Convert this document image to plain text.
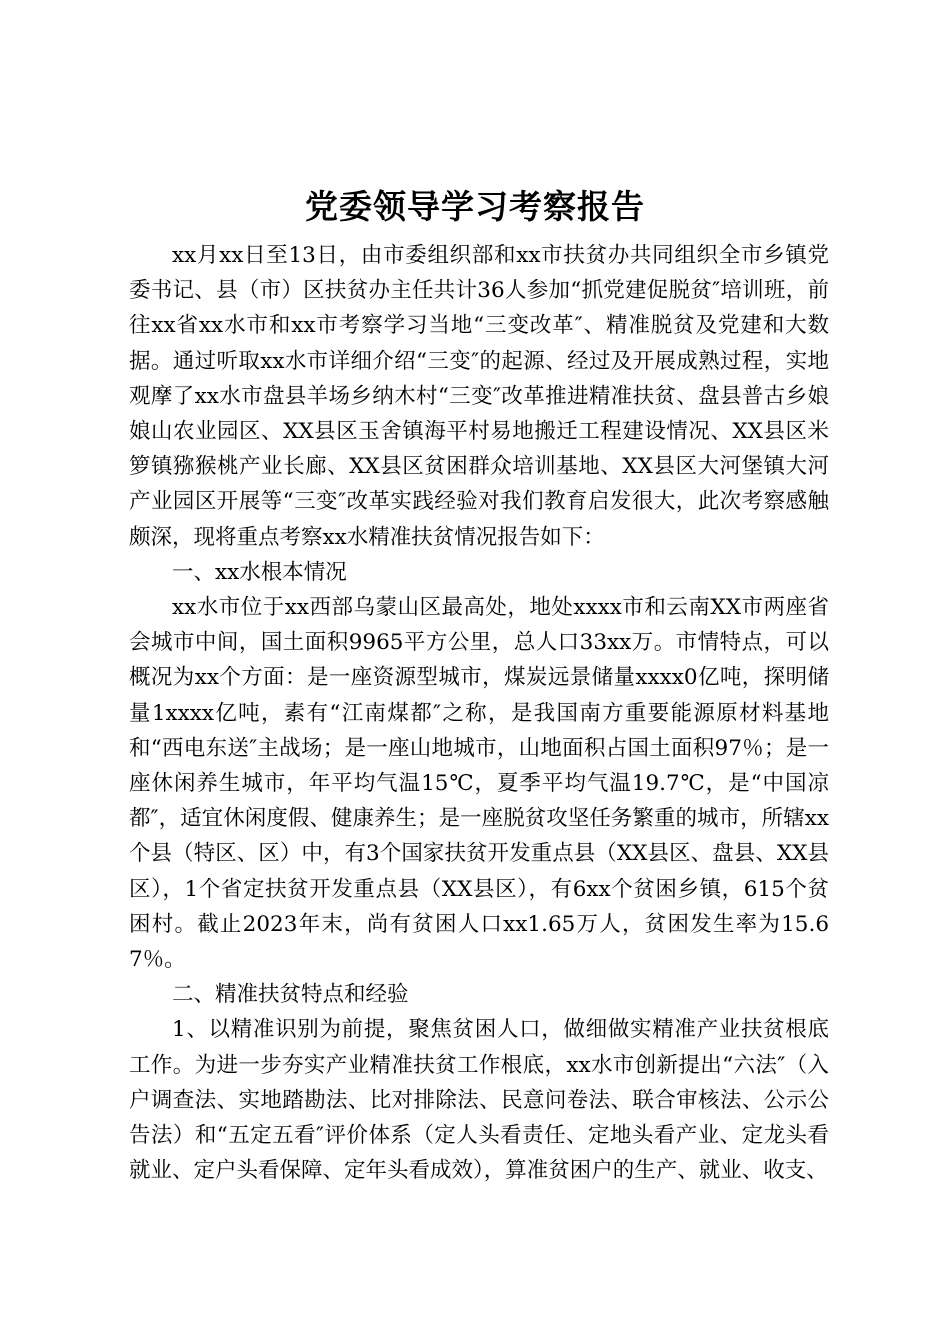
党委领导学习考察报告

xx月xx日至13日，由市委组织部和xx市扶贫办共同组织全市乡镇党委书记、县（市）区扶贫办主任共计36人参加“抓党建促脱贫″培训班，前往xx省xx水市和xx市考察学习当地“三变改革″、精准脱贫及党建和大数据。通过听取xx水市详细介绍“三变″的起源、经过及开展成熟过程，实地观摩了xx水市盘县羊场乡纳木村“三变″改革推进精准扶贫、盘县普古乡娘娘山农业园区、XX县区玉舍镇海平村易地搬迁工程建设情况、XX县区米箩镇猕猴桃产业长廊、XX县区贫困群众培训基地、XX县区大河堡镇大河产业园区开展等“三变″改革实践经验对我们教育启发很大，此次考察感触颇深，现将重点考察xx水精准扶贫情况报告如下：

一、xx水根本情况

xx水市位于xx西部乌蒙山区最高处，地处xxxx市和云南XX市两座省会城市中间，国土面积9965平方公里，总人口33xx万。市情特点，可以概况为xx个方面：是一座资源型城市，煤炭远景储量xxxx0亿吨，探明储量1xxxx亿吨，素有“江南煤都″之称，是我国南方重要能源原材料基地和“西电东送″主战场；是一座山地城市，山地面积占国土面积97％；是一座休闲养生城市，年平均气温15℃，夏季平均气温19.7℃，是“中国凉都″，适宜休闲度假、健康养生；是一座脱贫攻坚任务繁重的城市，所辖xx个县（特区、区）中，有3个国家扶贫开发重点县（XX县区、盘县、XX县区），1个省定扶贫开发重点县（XX县区），有6xx个贫困乡镇，615个贫困村。截止2023年末，尚有贫困人口xx1.65万人，贫困发生率为15.67％。

二、精准扶贫特点和经验

1、以精准识别为前提，聚焦贫困人口，做细做实精准产业扶贫根底工作。为进一步夯实产业精准扶贫工作根底，xx水市创新提出“六法″（入户调查法、实地踏勘法、比对排除法、民意问卷法、联合审核法、公示公告法）和“五定五看″评价体系（定人头看责任、定地头看产业、定龙头看就业、定户头看保障、定年头看成效），算准贫困户的生产、就业、收支、
